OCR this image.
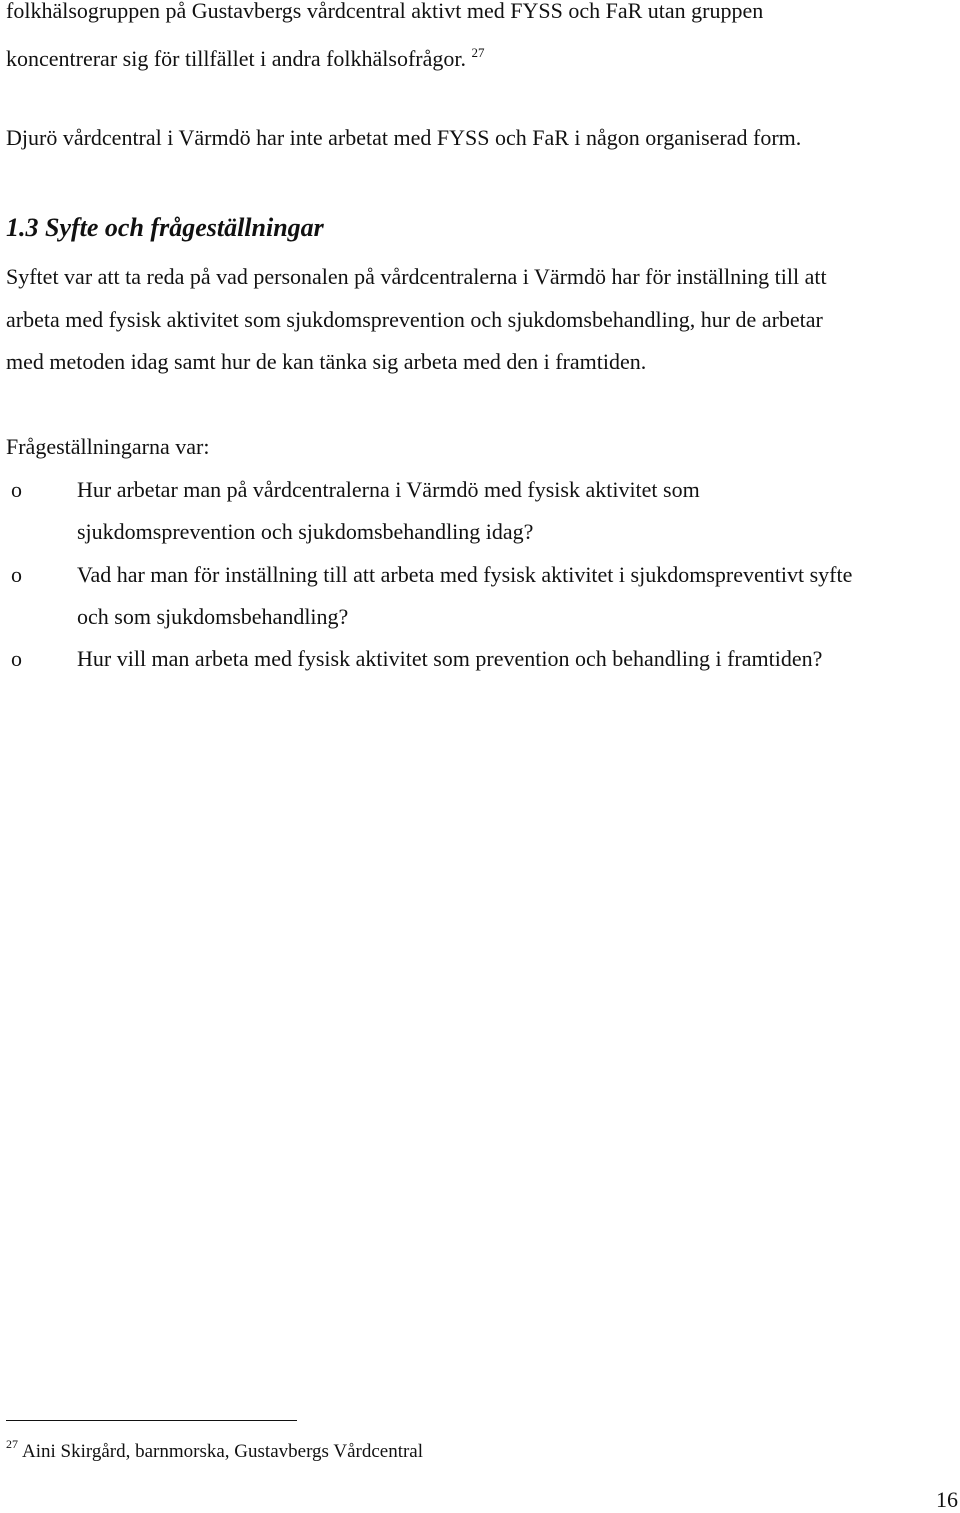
folkhälsogruppen på Gustavbergs vårdcentral aktivt med FYSS och FaR utan gruppen
koncentrerar sig för tillfället i andra folkhälsofrågor. $^{27}$
Djurö vårdcentral i Värmdö har inte arbetat med FYSS och FaR i någon organiserad form.
1.3 Syfte och frågeställningar
Syftet var att ta reda på vad personalen på vårdcentralerna i Värmdö har för inställning till att
arbeta med fysisk aktivitet som sjukdomsprevention och sjukdomsbehandling, hur de arbetar
med metoden idag samt hur de kan tänka sig arbeta med den i framtiden.
Frågeställningarna var:
o	Hur arbetar man på vårdcentralerna i Värmdö med fysisk aktivitet som
sjukdomsprevention och sjukdomsbehandling idag?
o	Vad har man för inställning till att arbeta med fysisk aktivitet i sjukdomspreventivt syfte
och som sjukdomsbehandling?
o	Hur vill man arbeta med fysisk aktivitet som prevention och behandling i framtiden?
$^{27}$ Aini Skirgård, barnmorska, Gustavbergs Vårdcentral
16
